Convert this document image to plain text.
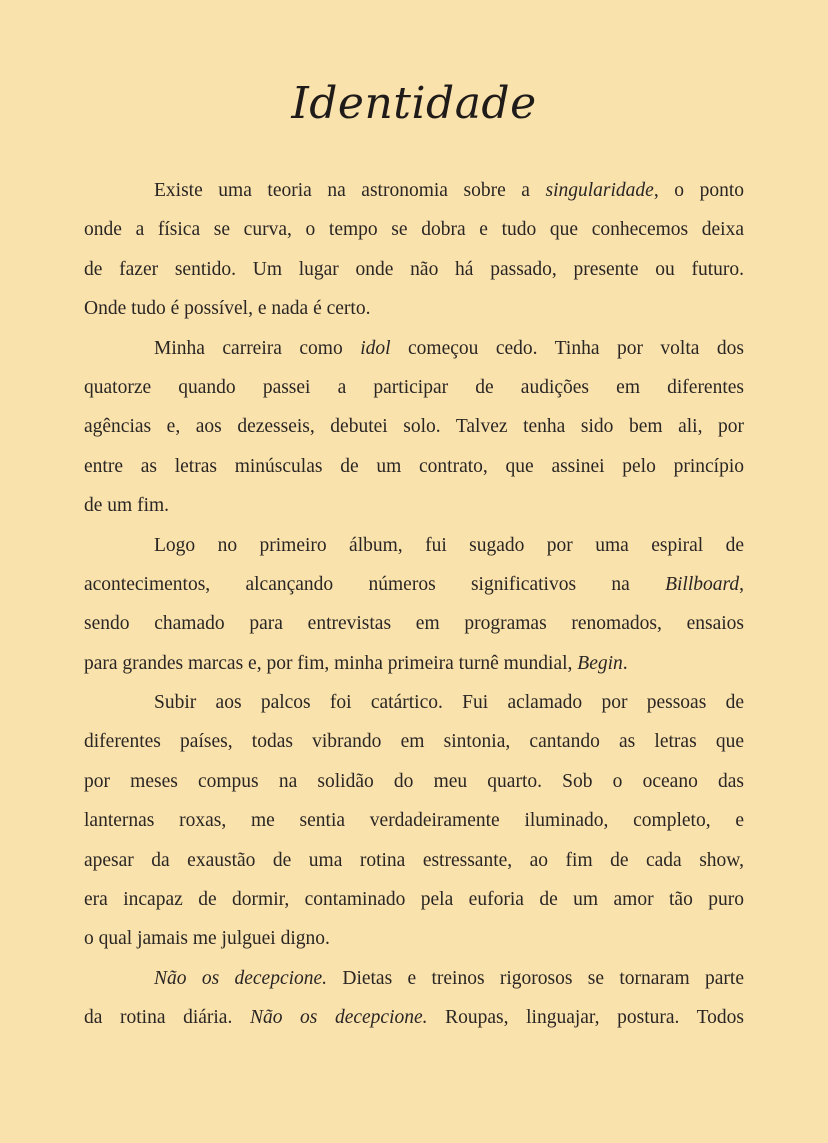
Identidade
Existe uma teoria na astronomia sobre a singularidade, o ponto
onde a física se curva, o tempo se dobra e tudo que conhecemos deixa
de fazer sentido. Um lugar onde não há passado, presente ou futuro.
Onde tudo é possível, e nada é certo.
Minha carreira como idol começou cedo. Tinha por volta dos
quatorze quando passei a participar de audições em diferentes
agências e, aos dezesseis, debutei solo. Talvez tenha sido bem ali, por
entre as letras minúsculas de um contrato, que assinei pelo princípio
de um fim.
Logo no primeiro álbum, fui sugado por uma espiral de
acontecimentos, alcançando números significativos na Billboard,
sendo chamado para entrevistas em programas renomados, ensaios
para grandes marcas e, por fim, minha primeira turnê mundial, Begin.
Subir aos palcos foi catártico. Fui aclamado por pessoas de
diferentes países, todas vibrando em sintonia, cantando as letras que
por meses compus na solidão do meu quarto. Sob o oceano das
lanternas roxas, me sentia verdadeiramente iluminado, completo, e
apesar da exaustão de uma rotina estressante, ao fim de cada show,
era incapaz de dormir, contaminado pela euforia de um amor tão puro
o qual jamais me julguei digno.
Não os decepcione. Dietas e treinos rigorosos se tornaram parte
da rotina diária. Não os decepcione. Roupas, linguajar, postura. Todos
